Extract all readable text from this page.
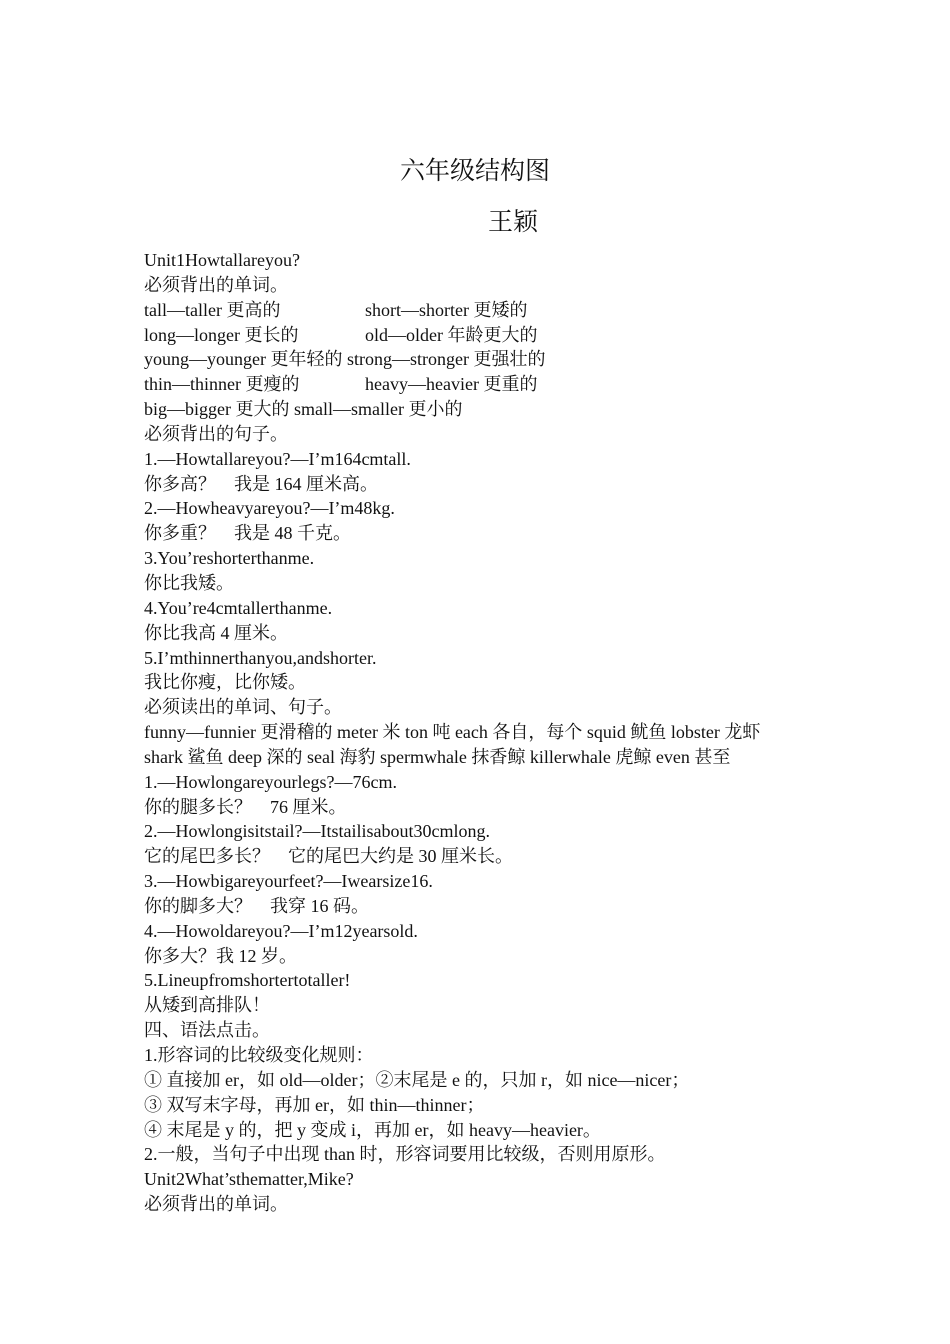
六年级结构图
王颖
Unit1Howtallareyou?
必须背出的单词。
tall—taller 更高的	short—shorter 更矮的
long—longer 更长的	old—older 年龄更大的
young—younger 更年轻的 strong—stronger 更强壮的
thin—thinner 更瘦的	heavy—heavier 更重的
big—bigger 更大的 small—smaller 更小的
必须背出的句子。
1.—Howtallareyou?—I’m164cmtall.
你多高？　我是 164 厘米高。
2.—Howheavyareyou?—I’m48kg.
你多重？　我是 48 千克。
3.You’reshorterthanme.
你比我矮。
4.You’re4cmtallerthanme.
你比我高 4 厘米。
5.I’mthinnerthanyou,andshorter.
我比你瘦，比你矮。
必须读出的单词、句子。
funny—funnier 更滑稽的 meter 米 ton 吨 each 各自，每个 squid 鱿鱼 lobster 龙虾
shark 鲨鱼 deep 深的 seal 海豹 spermwhale 抹香鲸 killerwhale 虎鲸 even 甚至
1.—Howlongareyourlegs?—76cm.
你的腿多长？　76 厘米。
2.—Howlongisitstail?—Itstailisabout30cmlong.
它的尾巴多长？　它的尾巴大约是 30 厘米长。
3.—Howbigareyourfeet?—Iwearsize16.
你的脚多大？　我穿 16 码。
4.—Howoldareyou?—I’m12yearsold.
你多大？我 12 岁。
5.Lineupfromshortertotaller!
从矮到高排队！
四、语法点击。
1.形容词的比较级变化规则：
① 直接加 er，如 old—older；②末尾是 e 的，只加 r，如 nice—nicer；
③ 双写末字母，再加 er，如 thin—thinner；
④ 末尾是 y 的，把 y 变成 i，再加 er，如 heavy—heavier。
2.一般，当句子中出现 than 时，形容词要用比较级，否则用原形。
Unit2What’sthematter,Mike?
必须背出的单词。
